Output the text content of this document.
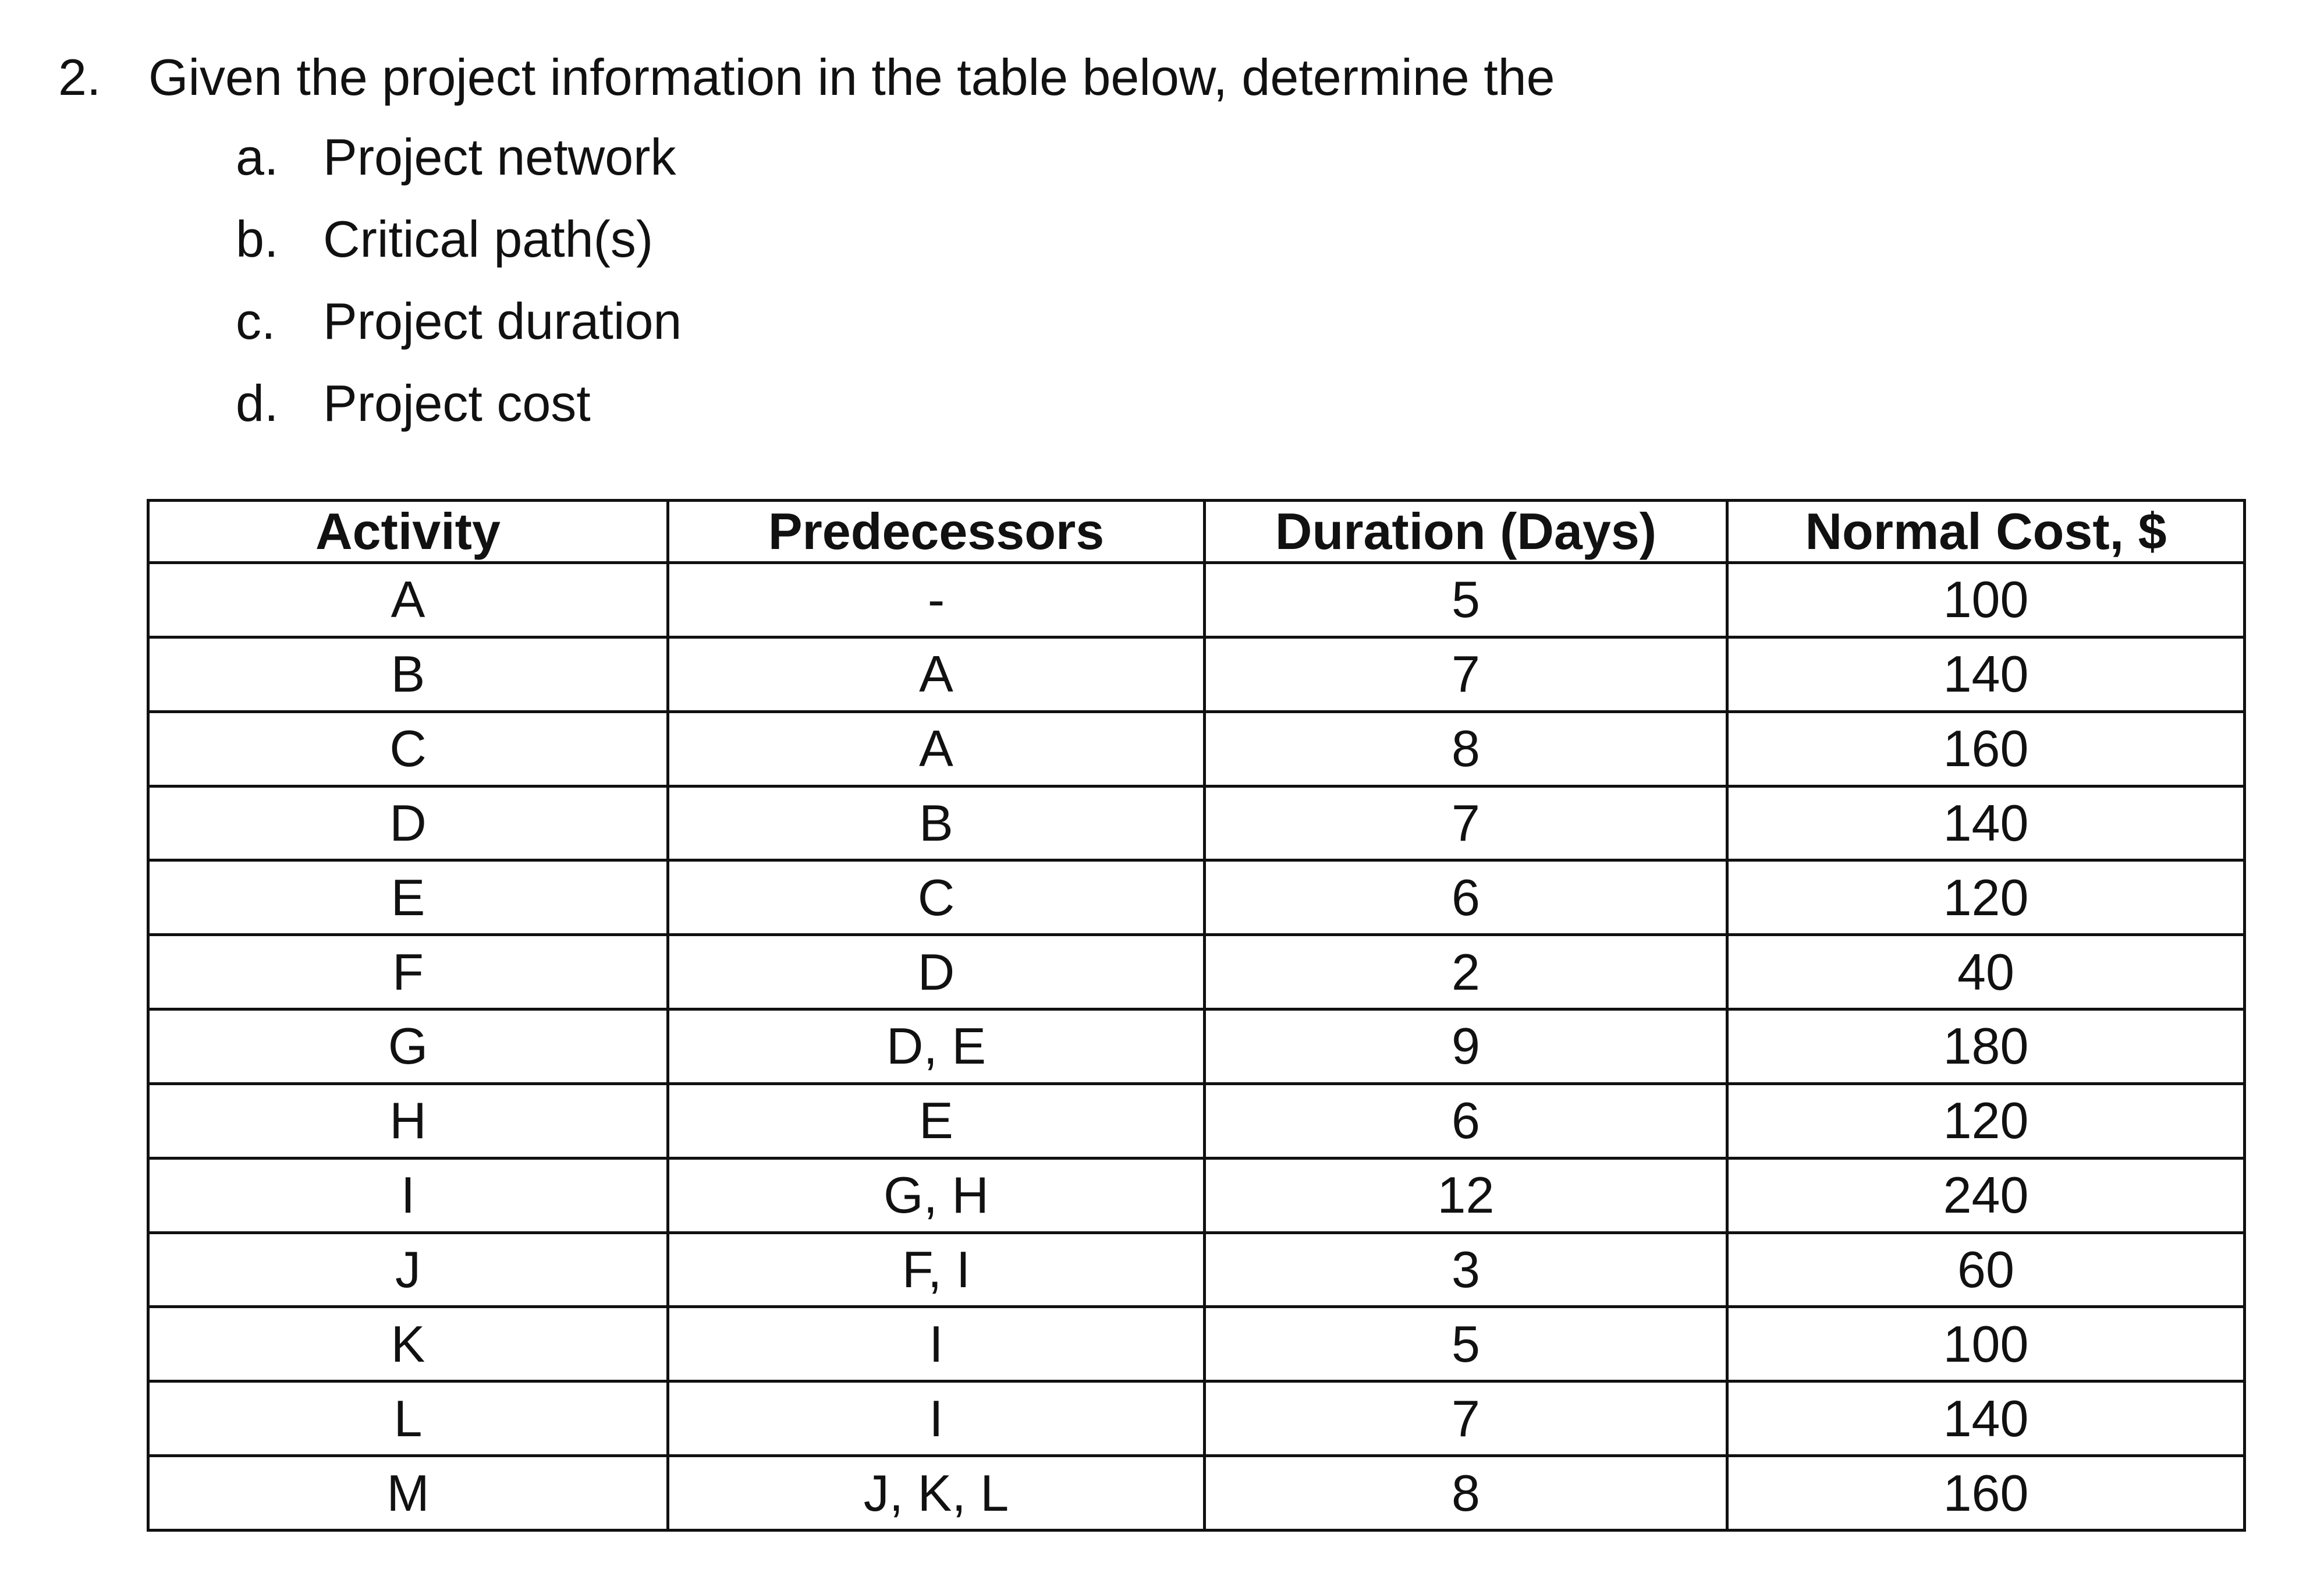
2. Given the project information in the table below, determine the
a. Project network
b. Critical path(s)
c. Project duration
d. Project cost
Activity	Predecessors	Duration (Days)	Normal Cost, $
A	-	5	100
B	A	7	140
C	A	8	160
D	B	7	140
E	C	6	120
F	D	2	40
G	D, E	9	180
H	E	6	120
I	G, H	12	240
J	F, I	3	60
K	I	5	100
L	I	7	140
M	J, K, L	8	160
